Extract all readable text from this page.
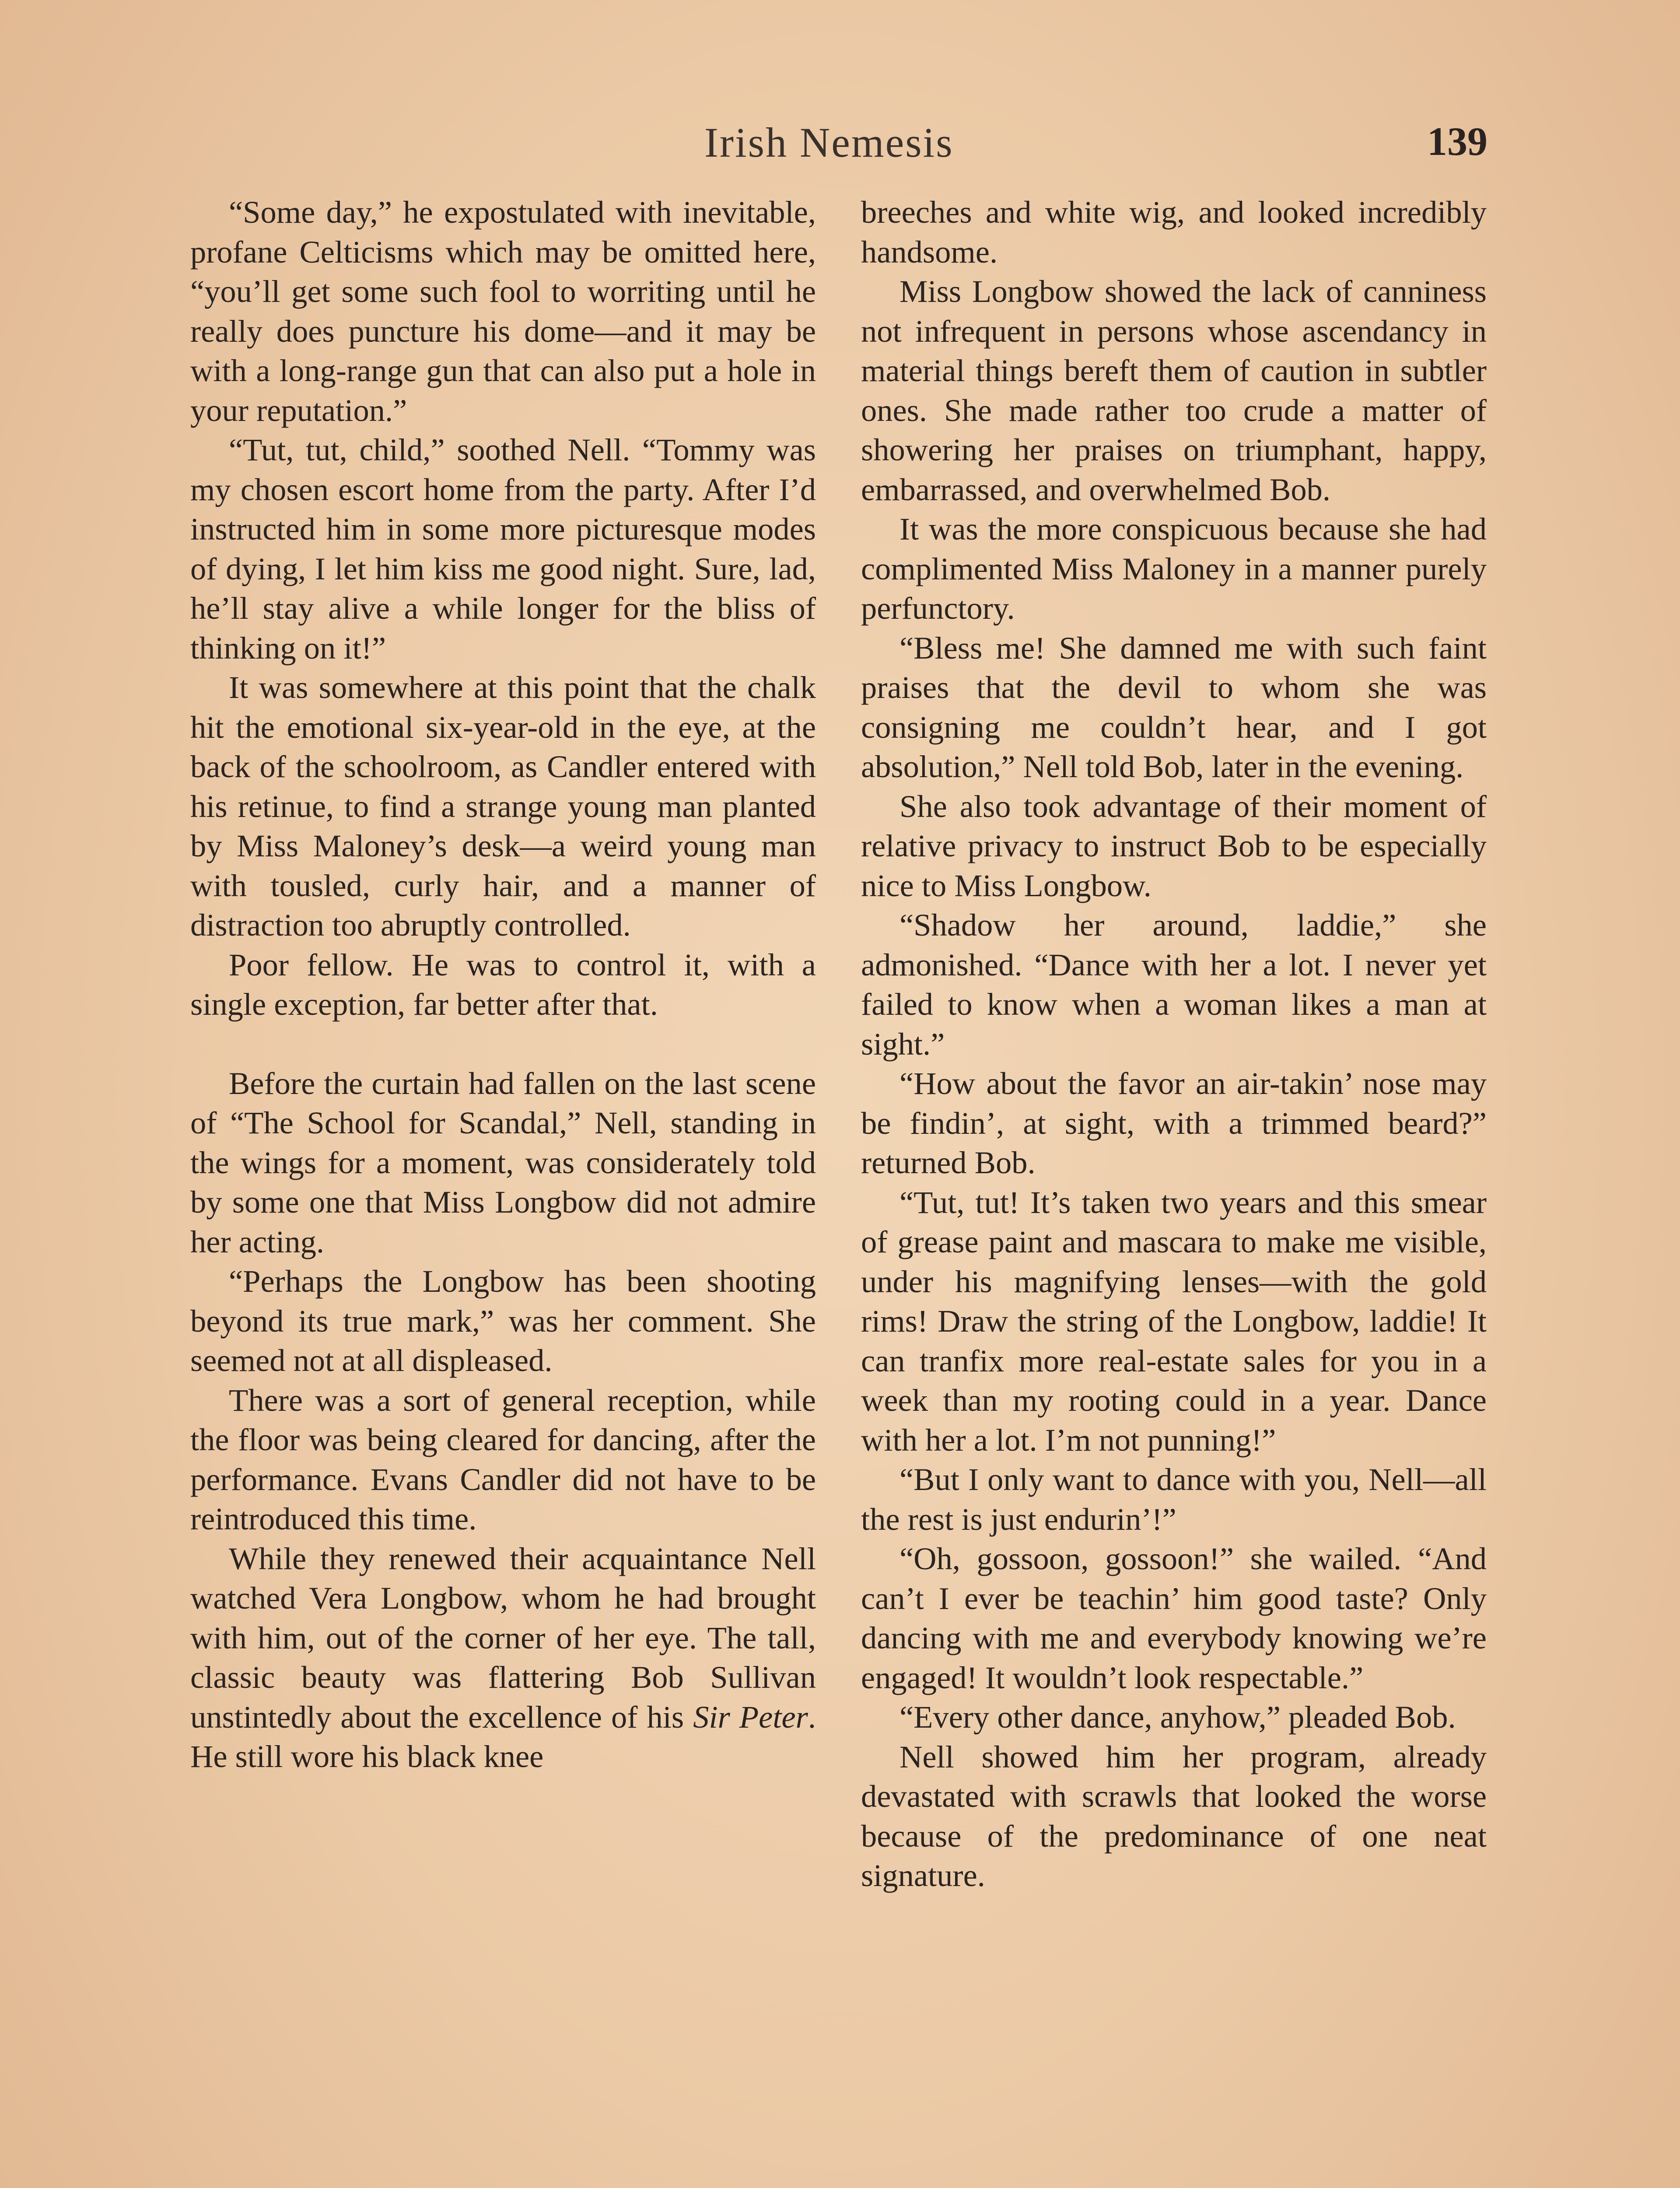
Irish Nemesis	139

“Some day,” he expostulated with inevitable, profane Celticisms which may be omitted here, “you’ll get some such fool to worriting until he really does puncture his dome—and it may be with a long-range gun that can also put a hole in your reputation.”

“Tut, tut, child,” soothed Nell. “Tommy was my chosen escort home from the party. After I’d instructed him in some more picturesque modes of dying, I let him kiss me good night. Sure, lad, he’ll stay alive a while longer for the bliss of thinking on it!”

It was somewhere at this point that the chalk hit the emotional six-year-old in the eye, at the back of the schoolroom, as Candler entered with his retinue, to find a strange young man planted by Miss Maloney’s desk—a weird young man with tousled, curly hair, and a manner of distraction too abruptly controlled.

Poor fellow. He was to control it, with a single exception, far better after that.

Before the curtain had fallen on the last scene of “The School for Scandal,” Nell, standing in the wings for a moment, was considerately told by some one that Miss Longbow did not admire her acting.

“Perhaps the Longbow has been shooting beyond its true mark,” was her comment. She seemed not at all displeased.

There was a sort of general reception, while the floor was being cleared for dancing, after the performance. Evans Candler did not have to be reintroduced this time.

While they renewed their acquaintance Nell watched Vera Longbow, whom he had brought with him, out of the corner of her eye. The tall, classic beauty was flattering Bob Sullivan unstintedly about the excellence of his Sir Peter. He still wore his black knee

breeches and white wig, and looked incredibly handsome.

Miss Longbow showed the lack of canniness not infrequent in persons whose ascendancy in material things bereft them of caution in subtler ones. She made rather too crude a matter of showering her praises on triumphant, happy, embarrassed, and overwhelmed Bob.

It was the more conspicuous because she had complimented Miss Maloney in a manner purely perfunctory.

“Bless me! She damned me with such faint praises that the devil to whom she was consigning me couldn’t hear, and I got absolution,” Nell told Bob, later in the evening.

She also took advantage of their moment of relative privacy to instruct Bob to be especially nice to Miss Longbow.

“Shadow her around, laddie,” she admonished. “Dance with her a lot. I never yet failed to know when a woman likes a man at sight.”

“How about the favor an air-takin’ nose may be findin’, at sight, with a trimmed beard?” returned Bob.

“Tut, tut! It’s taken two years and this smear of grease paint and mascara to make me visible, under his magnifying lenses—with the gold rims! Draw the string of the Longbow, laddie! It can tranfix more real-estate sales for you in a week than my rooting could in a year. Dance with her a lot. I’m not punning!”

“But I only want to dance with you, Nell—all the rest is just endurin’!”

“Oh, gossoon, gossoon!” she wailed. “And can’t I ever be teachin’ him good taste? Only dancing with me and everybody knowing we’re engaged! It wouldn’t look respectable.”

“Every other dance, anyhow,” pleaded Bob.

Nell showed him her program, already devastated with scrawls that looked the worse because of the predominance of one neat signature.
